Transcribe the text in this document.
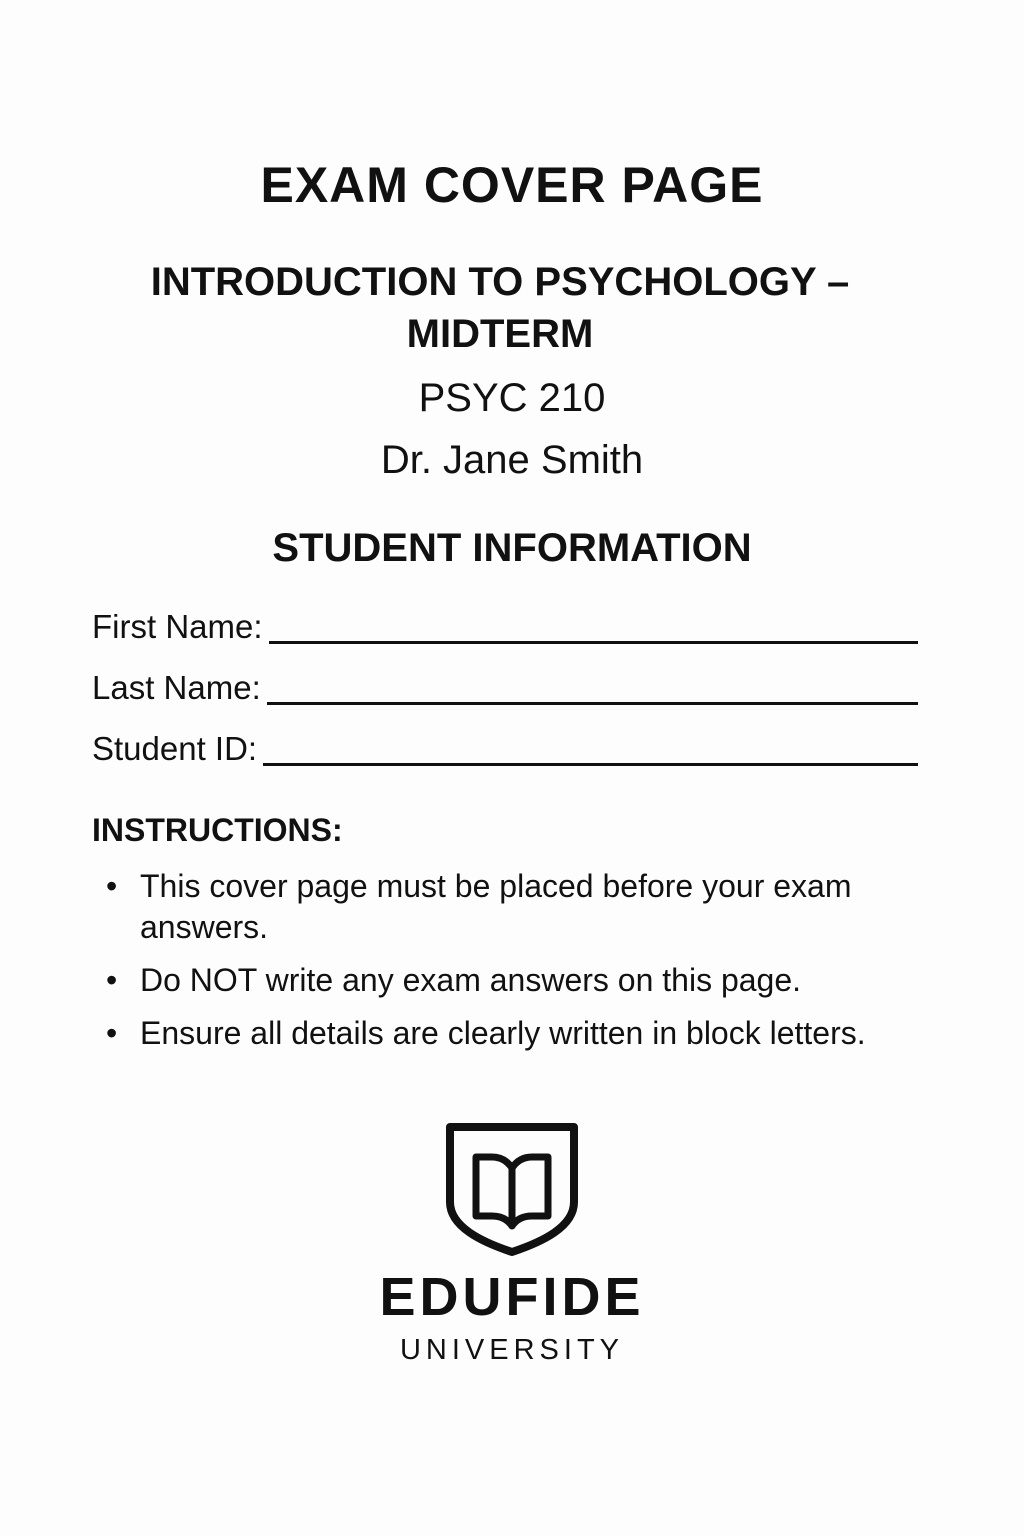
EXAM COVER PAGE
INTRODUCTION TO PSYCHOLOGY – MIDTERM
PSYC 210
Dr. Jane Smith
STUDENT INFORMATION
First Name:
Last Name:
Student ID:
INSTRUCTIONS:
• This cover page must be placed before your exam answers.
• Do NOT write any exam answers on this page.
• Ensure all details are clearly written in block letters.
EDUFIDE
UNIVERSITY
